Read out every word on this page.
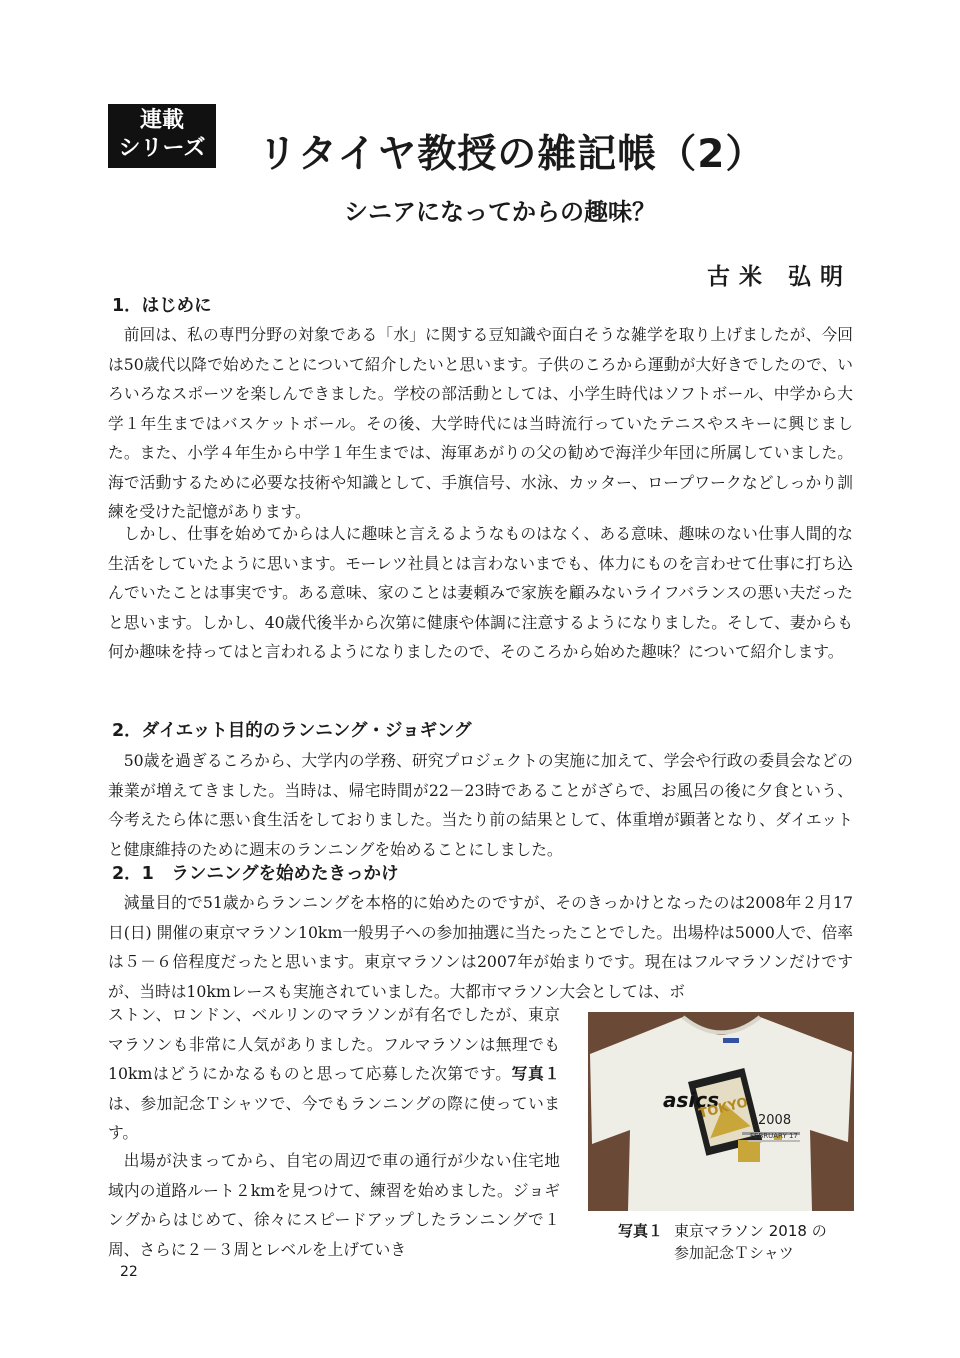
連載
シリーズ リタイヤ教授の雑記帳（2）
シニアになってからの趣味？
古米 弘明
1．はじめに

前回は、私の専門分野の対象である「水」に関する豆知識や面白そうな雑学を取り上げましたが、今回は50歳代以降で始めたことについて紹介したいと思います。子供のころから運動が大好きでしたので、いろいろなスポーツを楽しんできました。学校の部活動としては、小学生時代はソフトボール、中学から大学１年生まではバスケットボール。その後、大学時代には当時流行っていたテニスやスキーに興じました。また、小学４年生から中学１年生までは、海軍あがりの父の勧めで海洋少年団に所属していました。海で活動するために必要な技術や知識として、手旗信号、水泳、カッター、ロープワークなどしっかり訓練を受けた記憶があります。

しかし、仕事を始めてからは人に趣味と言えるようなものはなく、ある意味、趣味のない仕事人間的な生活をしていたように思います。モーレツ社員とは言わないまでも、体力にものを言わせて仕事に打ち込んでいたことは事実です。ある意味、家のことは妻頼みで家族を顧みないライフバランスの悪い夫だったと思います。しかし、40歳代後半から次第に健康や体調に注意するようになりました。そして、妻からも何か趣味を持ってはと言われるようになりましたので、そのころから始めた趣味？について紹介します。

2．ダイエット目的のランニング・ジョギング

50歳を過ぎるころから、大学内の学務、研究プロジェクトの実施に加えて、学会や行政の委員会などの兼業が増えてきました。当時は、帰宅時間が22－23時であることがざらで、お風呂の後に夕食という、今考えたら体に悪い食生活をしておりました。当たり前の結果として、体重増が顕著となり、ダイエットと健康維持のために週末のランニングを始めることにしました。

2．1　ランニングを始めたきっかけ

減量目的で51歳からランニングを本格的に始めたのですが、そのきっかけとなったのは2008年２月17日(日) 開催の東京マラソン10km一般男子への参加抽選に当たったことでした。出場枠は5000人で、倍率は５－６倍程度だったと思います。東京マラソンは2007年が始まりです。現在はフルマラソンだけですが、当時は10kmレースも実施されていました。大都市マラソン大会としては、ボ

ストン、ロンドン、ベルリンのマラソンが有名でしたが、東京マラソンも非常に人気がありました。フルマラソンは無理でも10kmはどうにかなるものと思って応募した次第です。写真１は、参加記念Ｔシャツで、今でもランニングの際に使っています。

出場が決まってから、自宅の周辺で車の通行が少ない住宅地域内の道路ルート２kmを見つけて、練習を始めました。ジョギングからはじめて、徐々にスピードアップしたランニングで１周、さらに２－３周とレベルを上げていき

asics
2008
FEBRUARY 17
TOKYO
写真１ 東京マラソン 2018 の
参加記念Ｔシャツ
22
